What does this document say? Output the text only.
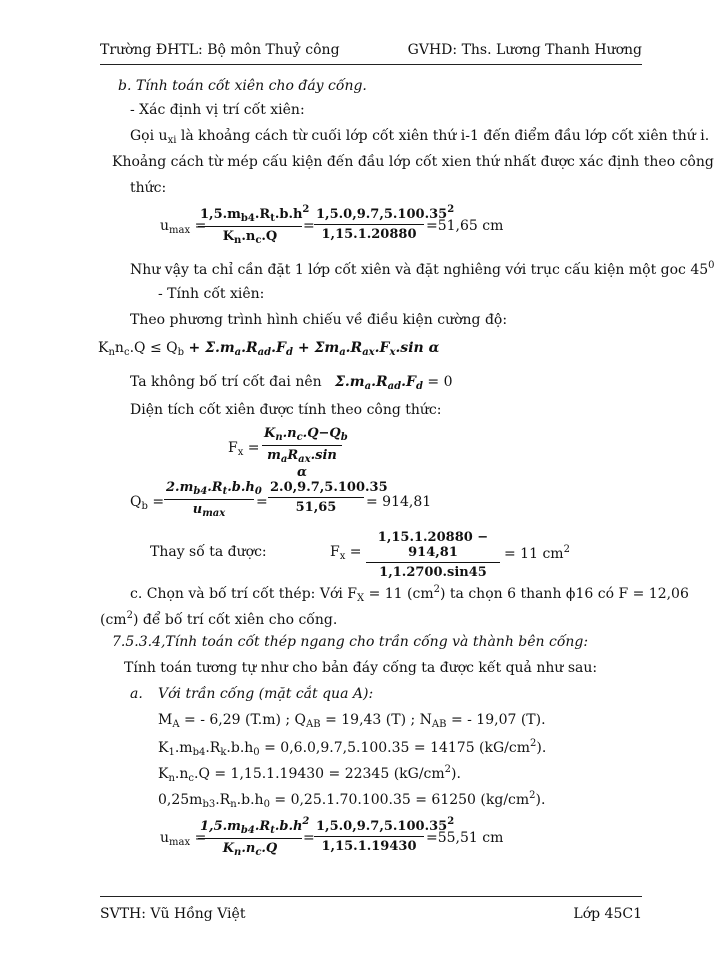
Trường ĐHTL: Bộ môn Thuỷ công	GVHD: Ths. Lương Thanh Hương
b. Tính toán cốt xiên cho đáy cống.
- Xác định vị trí cốt xiên:
Gọi $u_{xi}$ là khoảng cách từ cuối lớp cốt xiên thứ i-1 đến điểm đầu lớp cốt xiên thứ i.
Khoảng cách từ mép cấu kiện đến đầu lớp cốt xien thứ nhất được xác định theo công
thức:
$u_{max}$ =
$\frac{1,5.m_{b4}.R_t.b.h^2}{K_n.n_c.Q} = \frac{1,5.0,9.7,5.100.35^2}{1,15.1.20880} =51,65$ cm
Như vậy ta chỉ cần đặt 1 lớp cốt xiên và đặt nghiêng với trục cấu kiện một goc $45^0$
- Tính cốt xiên:
Theo phương trình hình chiếu về điều kiện cường độ:
$K_nn_c.Q \le Q_b + \Sigma.m_a.R_{ad}.F_d + \Sigma m_a.R_{ax}.F_x.\sin$ α
Ta không bố trí cốt đai nên $\Sigma.m_a.R_{ad}.F_d = 0$
Diện tích cốt xiên được tính theo công thức:
$F_x$ =
$K_n.n_c.Q-Q_b$
$m_aR_{ax}.\sin$ α
$Q_b$ =
$2.m_{b4}.R_t.b.h_0$
$u_{max}$
= $\frac{2.0,9.7,5.100.35}{51,65} = 914,81$
Thay số ta được:	$F_x = \frac{1,15.1.20880 - 914,81}{1,1.2700.\sin 45} = 11$ $cm^2$
c. Chọn và bố trí cốt thép: Với $F_X = 11$ $(cm^2)$ ta chọn 6 thanh ϕ16 có F = 12,06
$(cm^2)$ để bố trí cốt xiên cho cống.
7.5.3.4,Tính toán cốt thép ngang cho trần cống và thành bên cống:
Tính toán tương tự như cho bản đáy cống ta được kết quả như sau:
a. Với trần cống (mặt cắt qua A):
$M_A$ = - 6,29 (T.m) ; $Q_{AB} = 19,43$ (T) ; $N_{AB}$ = - 19,07 (T).
$K_1.m_{b4}.R_k.b.h_0 = 0,6.0,9.7,5.100.35 = 14175$ $(kG/cm^2)$.
$K_n.n_c.Q = 1,15.1.19430 = 22345$ $(kG/cm^2)$.
$0,25m_{b3}.R_n.b.h_0 = 0,25.1.70.100.35 = 61250$ $(kg/cm^2)$.
$u_{max}$ =
$\frac{1,5.m_{b4}.R_t.b.h^2}{K_n.n_c.Q} = \frac{1,5.0,9.7,5.100.35^2}{1,15.1.19430} =55,51$ cm
SVTH: Vũ Hồng Việt	Lớp 45C1
